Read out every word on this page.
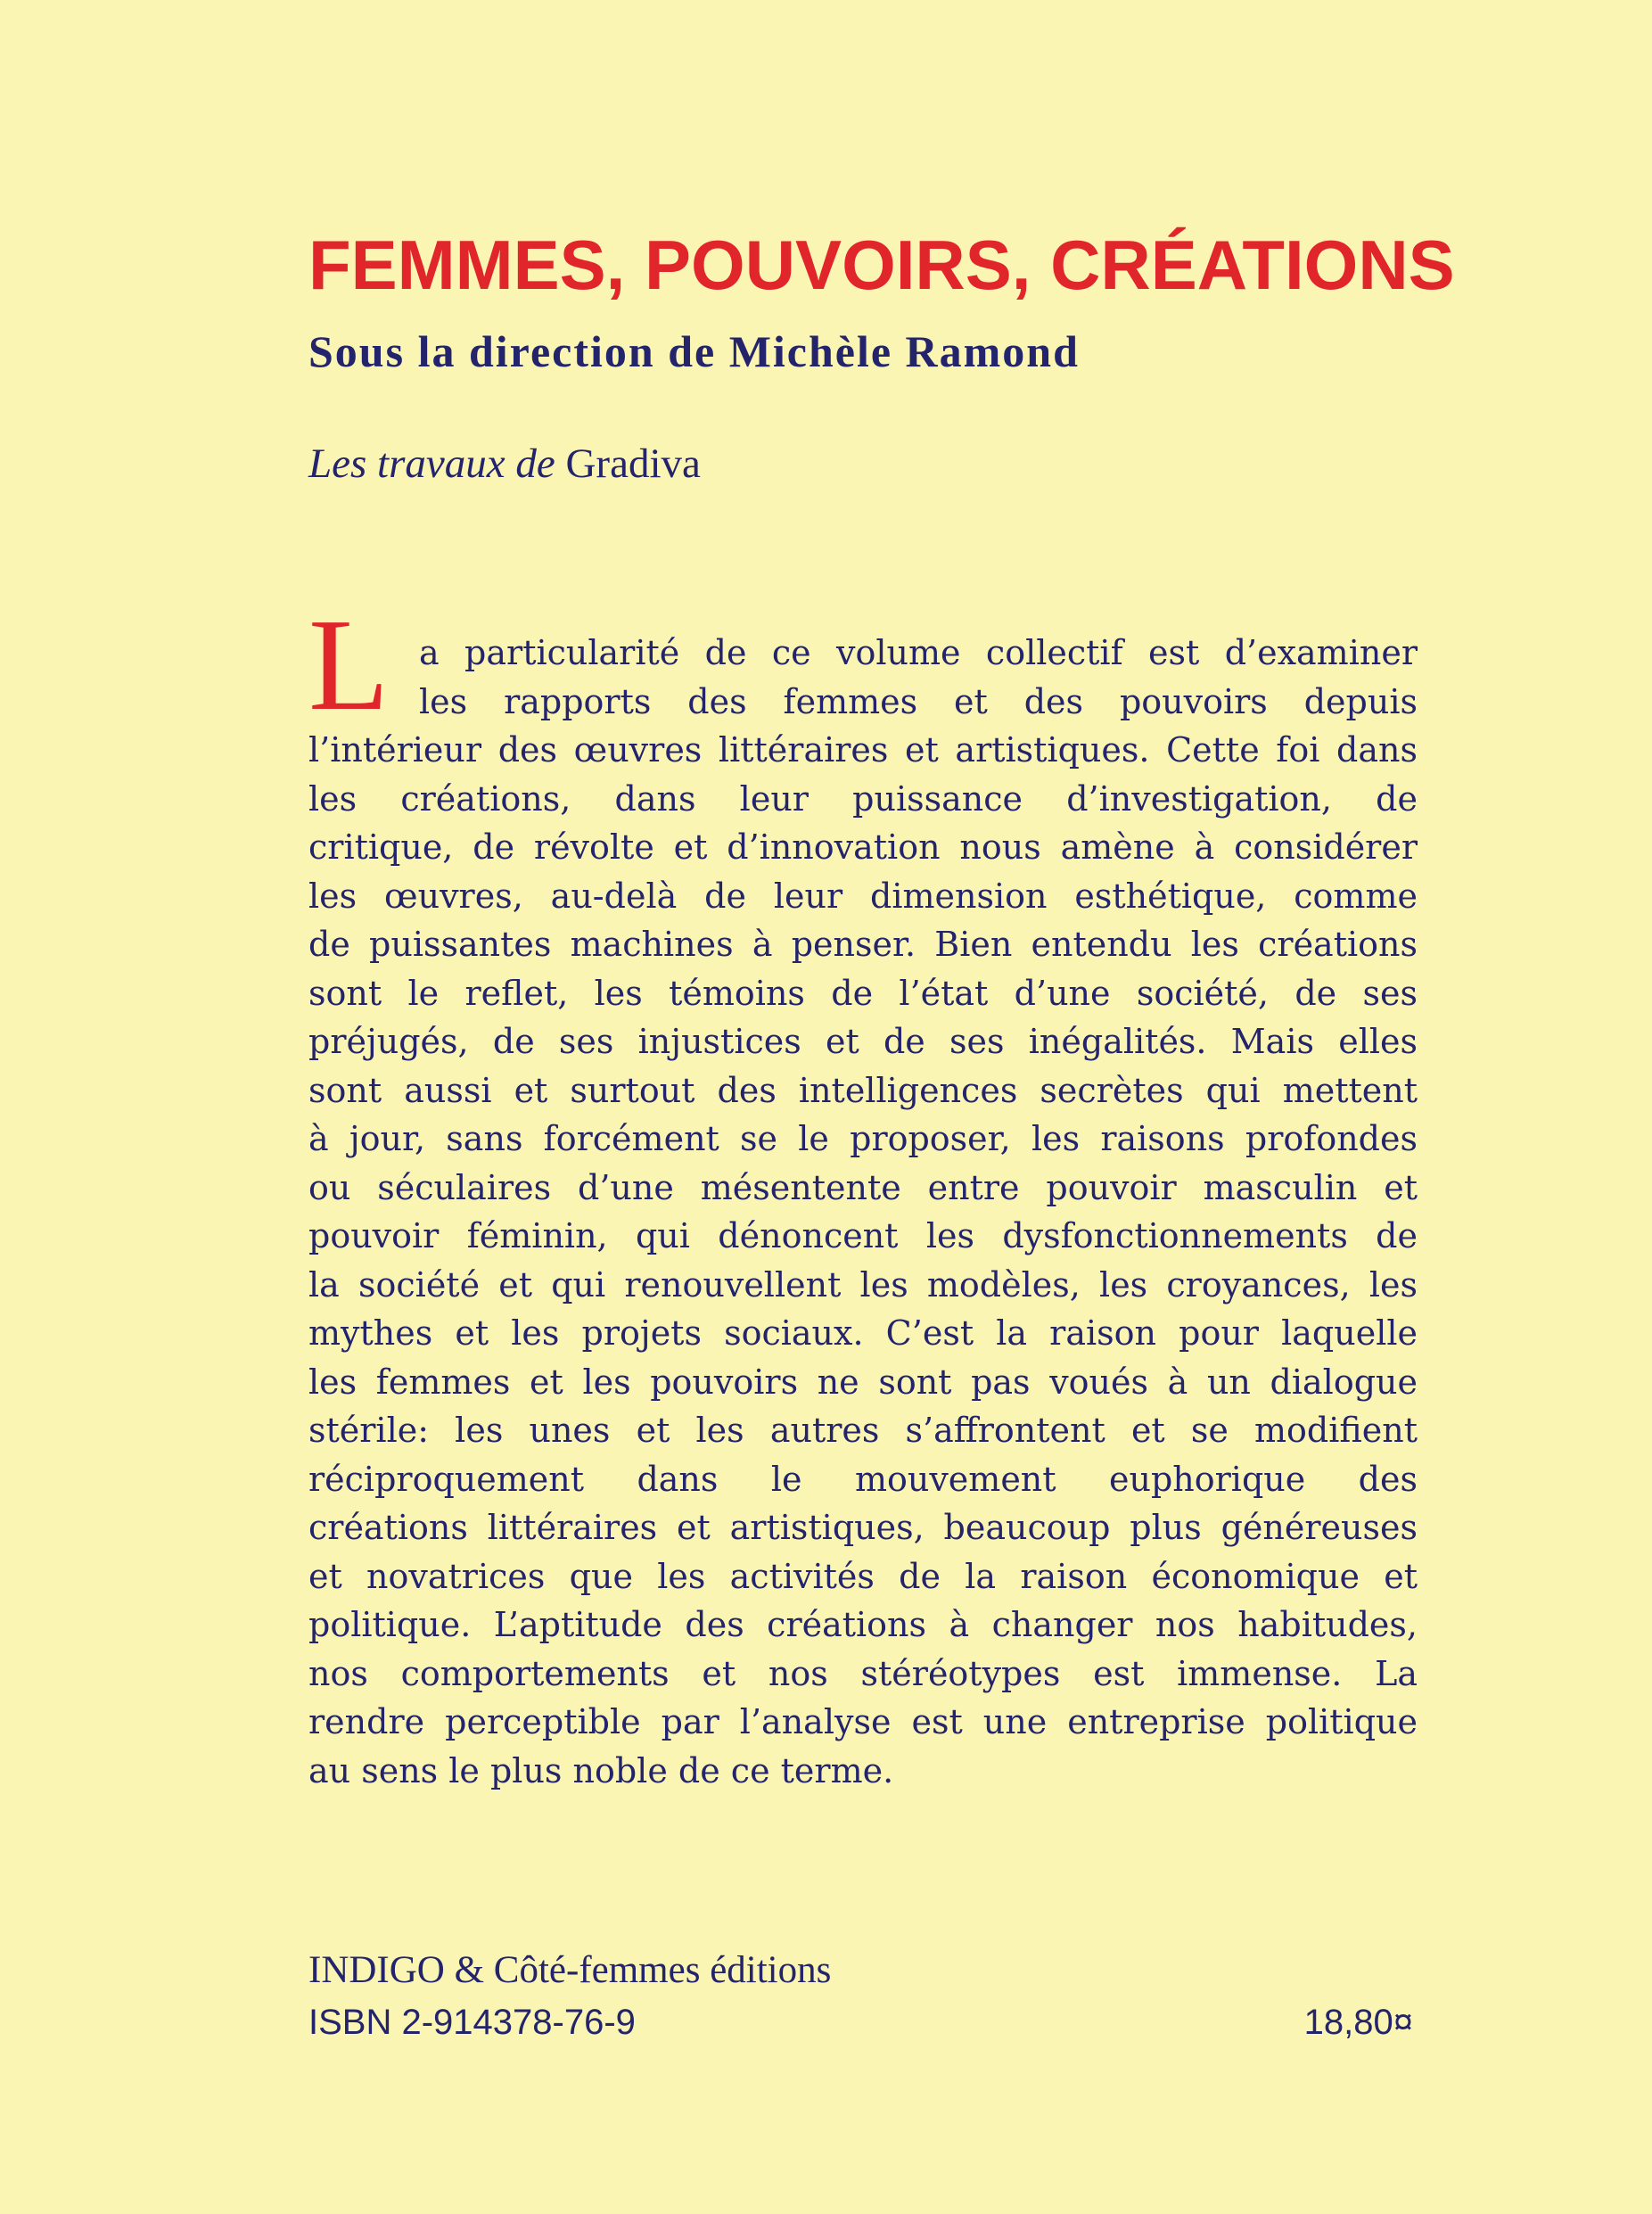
FEMMES, POUVOIRS, CRÉATIONS
Sous la direction de Michèle Ramond

Les travaux de Gradiva

L a particularité de ce volume collectif est d’examiner
les rapports des femmes et des pouvoirs depuis
l’intérieur des œuvres littéraires et artistiques. Cette foi dans
les créations, dans leur puissance d’investigation, de
critique, de révolte et d’innovation nous amène à considérer
les œuvres, au-delà de leur dimension esthétique, comme
de puissantes machines à penser. Bien entendu les créations
sont le reflet, les témoins de l’état d’une société, de ses
préjugés, de ses injustices et de ses inégalités. Mais elles
sont aussi et surtout des intelligences secrètes qui mettent
à jour, sans forcément se le proposer, les raisons profondes
ou séculaires d’une mésentente entre pouvoir masculin et
pouvoir féminin, qui dénoncent les dysfonctionnements de
la société et qui renouvellent les modèles, les croyances, les
mythes et les projets sociaux. C’est la raison pour laquelle
les femmes et les pouvoirs ne sont pas voués à un dialogue
stérile: les unes et les autres s’affrontent et se modifient
réciproquement dans le mouvement euphorique des
créations littéraires et artistiques, beaucoup plus généreuses
et novatrices que les activités de la raison économique et
politique. L’aptitude des créations à changer nos habitudes,
nos comportements et nos stéréotypes est immense. La
rendre perceptible par l’analyse est une entreprise politique
au sens le plus noble de ce terme.

INDIGO & Côté-femmes éditions

ISBN 2-914378-76-9	18,80¤
